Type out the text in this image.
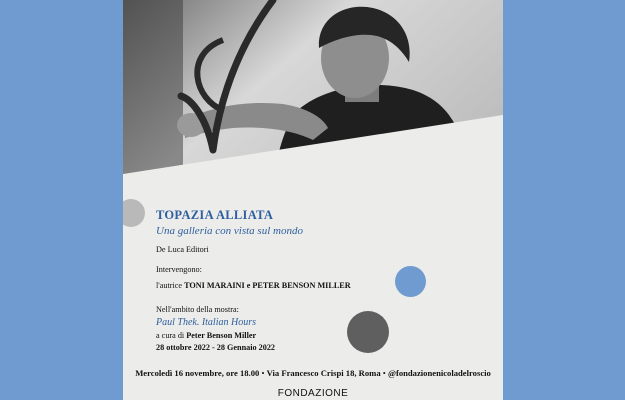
TOPAZIA ALLIATA
Una galleria con vista sul mondo
De Luca Editori
Intervengono:
l'autrice TONI MARAINI e PETER BENSON MILLER
Nell'ambito della mostra:
Paul Thek. Italian Hours
a cura di Peter Benson Miller
28 ottobre 2022 - 28 Gennaio 2022
Mercoledì 16 novembre, ore 18.00 • Via Francesco Crispi 18, Roma • @fondazionenicoladelroscio
FONDAZIONE
